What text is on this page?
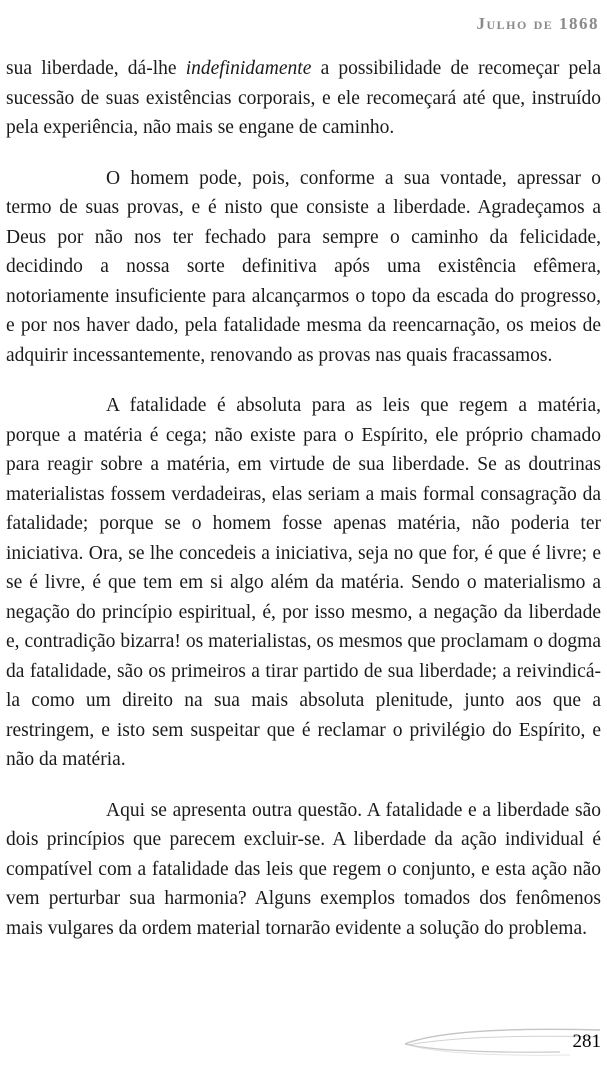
Julho de 1868

sua liberdade, dá-lhe indefinidamente a possibilidade de recomeçar pela sucessão de suas existências corporais, e ele recomeçará até que, instruído pela experiência, não mais se engane de caminho.

O homem pode, pois, conforme a sua vontade, apressar o termo de suas provas, e é nisto que consiste a liberdade. Agradeçamos a Deus por não nos ter fechado para sempre o caminho da felicidade, decidindo a nossa sorte definitiva após uma existência efêmera, notoriamente insuficiente para alcançarmos o topo da escada do progresso, e por nos haver dado, pela fatalidade mesma da reencarnação, os meios de adquirir incessantemente, renovando as provas nas quais fracassamos.

A fatalidade é absoluta para as leis que regem a matéria, porque a matéria é cega; não existe para o Espírito, ele próprio chamado para reagir sobre a matéria, em virtude de sua liberdade. Se as doutrinas materialistas fossem verdadeiras, elas seriam a mais formal consagração da fatalidade; porque se o homem fosse apenas matéria, não poderia ter iniciativa. Ora, se lhe concedeis a iniciativa, seja no que for, é que é livre; e se é livre, é que tem em si algo além da matéria. Sendo o materialismo a negação do princípio espiritual, é, por isso mesmo, a negação da liberdade e, contradição bizarra! os materialistas, os mesmos que proclamam o dogma da fatalidade, são os primeiros a tirar partido de sua liberdade; a reivindicá-la como um direito na sua mais absoluta plenitude, junto aos que a restringem, e isto sem suspeitar que é reclamar o privilégio do Espírito, e não da matéria.

Aqui se apresenta outra questão. A fatalidade e a liberdade são dois princípios que parecem excluir-se. A liberdade da ação individual é compatível com a fatalidade das leis que regem o conjunto, e esta ação não vem perturbar sua harmonia? Alguns exemplos tomados dos fenômenos mais vulgares da ordem material tornarão evidente a solução do problema.

281
